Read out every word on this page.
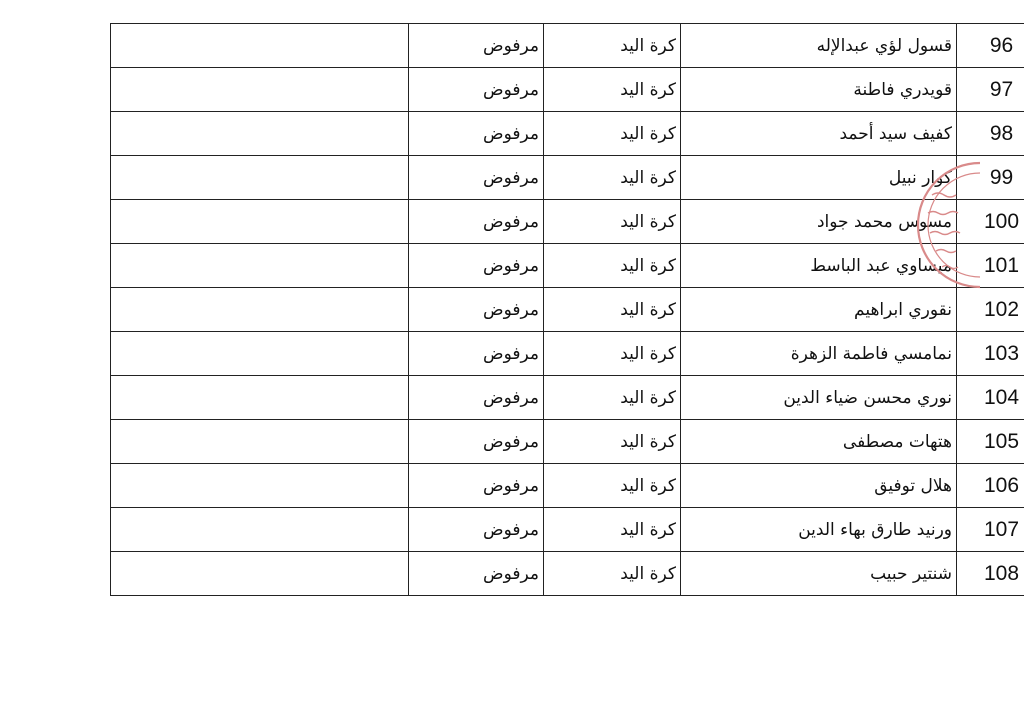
	مرفوض	كرة اليد	قسول لؤي عبدالإله	96
	مرفوض	كرة اليد	قويدري فاطنة	97
	مرفوض	كرة اليد	كفيف سيد أحمد	98
	مرفوض	كرة اليد	كوار نبيل	99
	مرفوض	كرة اليد	مسوس محمد جواد	100
	مرفوض	كرة اليد	ميساوي عبد الباسط	101
	مرفوض	كرة اليد	نقوري ابراهيم	102
	مرفوض	كرة اليد	نمامسي فاطمة الزهرة	103
	مرفوض	كرة اليد	نوري محسن ضياء الدين	104
	مرفوض	كرة اليد	هتهات مصطفى	105
	مرفوض	كرة اليد	هلال توفيق	106
	مرفوض	كرة اليد	ورنيد طارق بهاء الدين	107
	مرفوض	كرة اليد	شنتير حبيب	108
